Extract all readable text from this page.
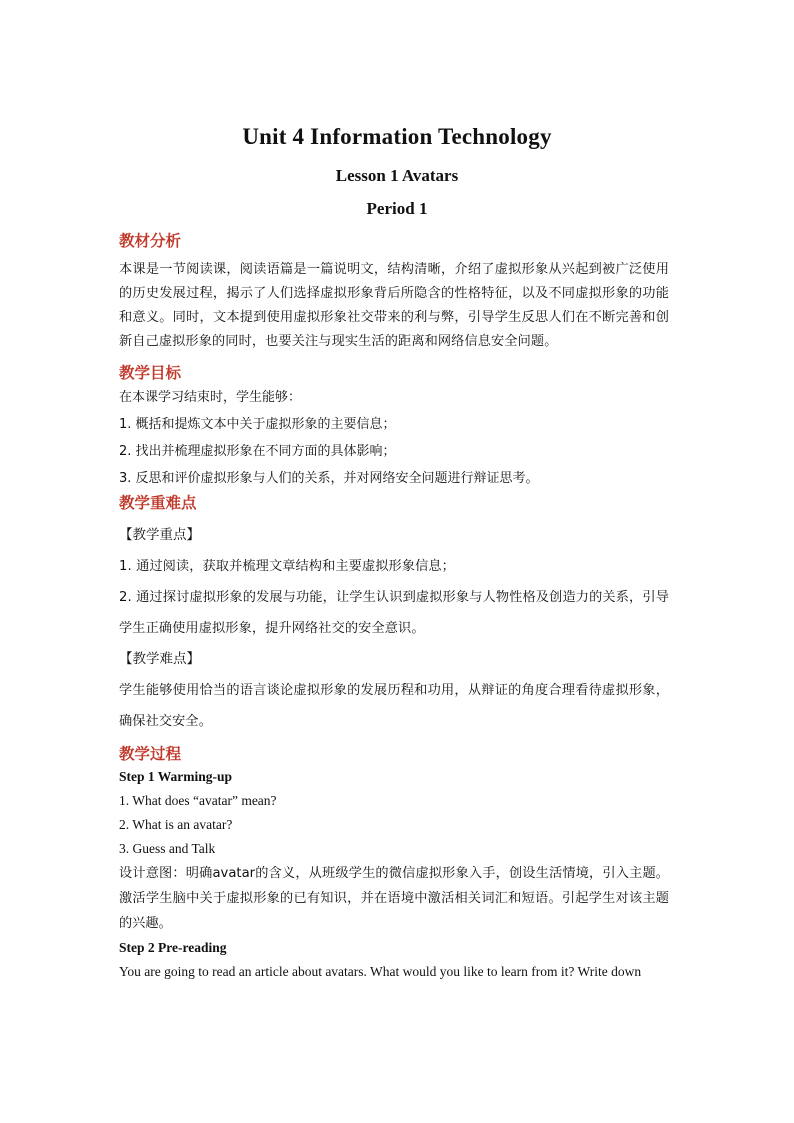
Unit 4 Information Technology
Lesson 1 Avatars
Period 1

教材分析

本课是一节阅读课，阅读语篇是一篇说明文，结构清晰，介绍了虚拟形象从兴起到被广泛使用的历史发展过程，揭示了人们选择虚拟形象背后所隐含的性格特征，以及不同虚拟形象的功能和意义。同时，文本提到使用虚拟形象社交带来的利与弊，引导学生反思人们在不断完善和创新自己虚拟形象的同时，也要关注与现实生活的距离和网络信息安全问题。

教学目标

在本课学习结束时，学生能够：

1. 概括和提炼文本中关于虚拟形象的主要信息；

2. 找出并梳理虚拟形象在不同方面的具体影响；

3. 反思和评价虚拟形象与人们的关系，并对网络安全问题进行辩证思考。

教学重难点

【教学重点】

1. 通过阅读，获取并梳理文章结构和主要虚拟形象信息；

2. 通过探讨虚拟形象的发展与功能，让学生认识到虚拟形象与人物性格及创造力的关系，引导学生正确使用虚拟形象，提升网络社交的安全意识。

【教学难点】

学生能够使用恰当的语言谈论虚拟形象的发展历程和功用，从辩证的角度合理看待虚拟形象，确保社交安全。

教学过程

Step 1 Warming-up

1. What does “avatar” mean?

2. What is an avatar?

3. Guess and Talk

设计意图：明确avatar的含义，从班级学生的微信虚拟形象入手，创设生活情境，引入主题。激活学生脑中关于虚拟形象的已有知识，并在语境中激活相关词汇和短语。引起学生对该主题的兴趣。

Step 2 Pre-reading

You are going to read an article about avatars. What would you like to learn from it? Write down
